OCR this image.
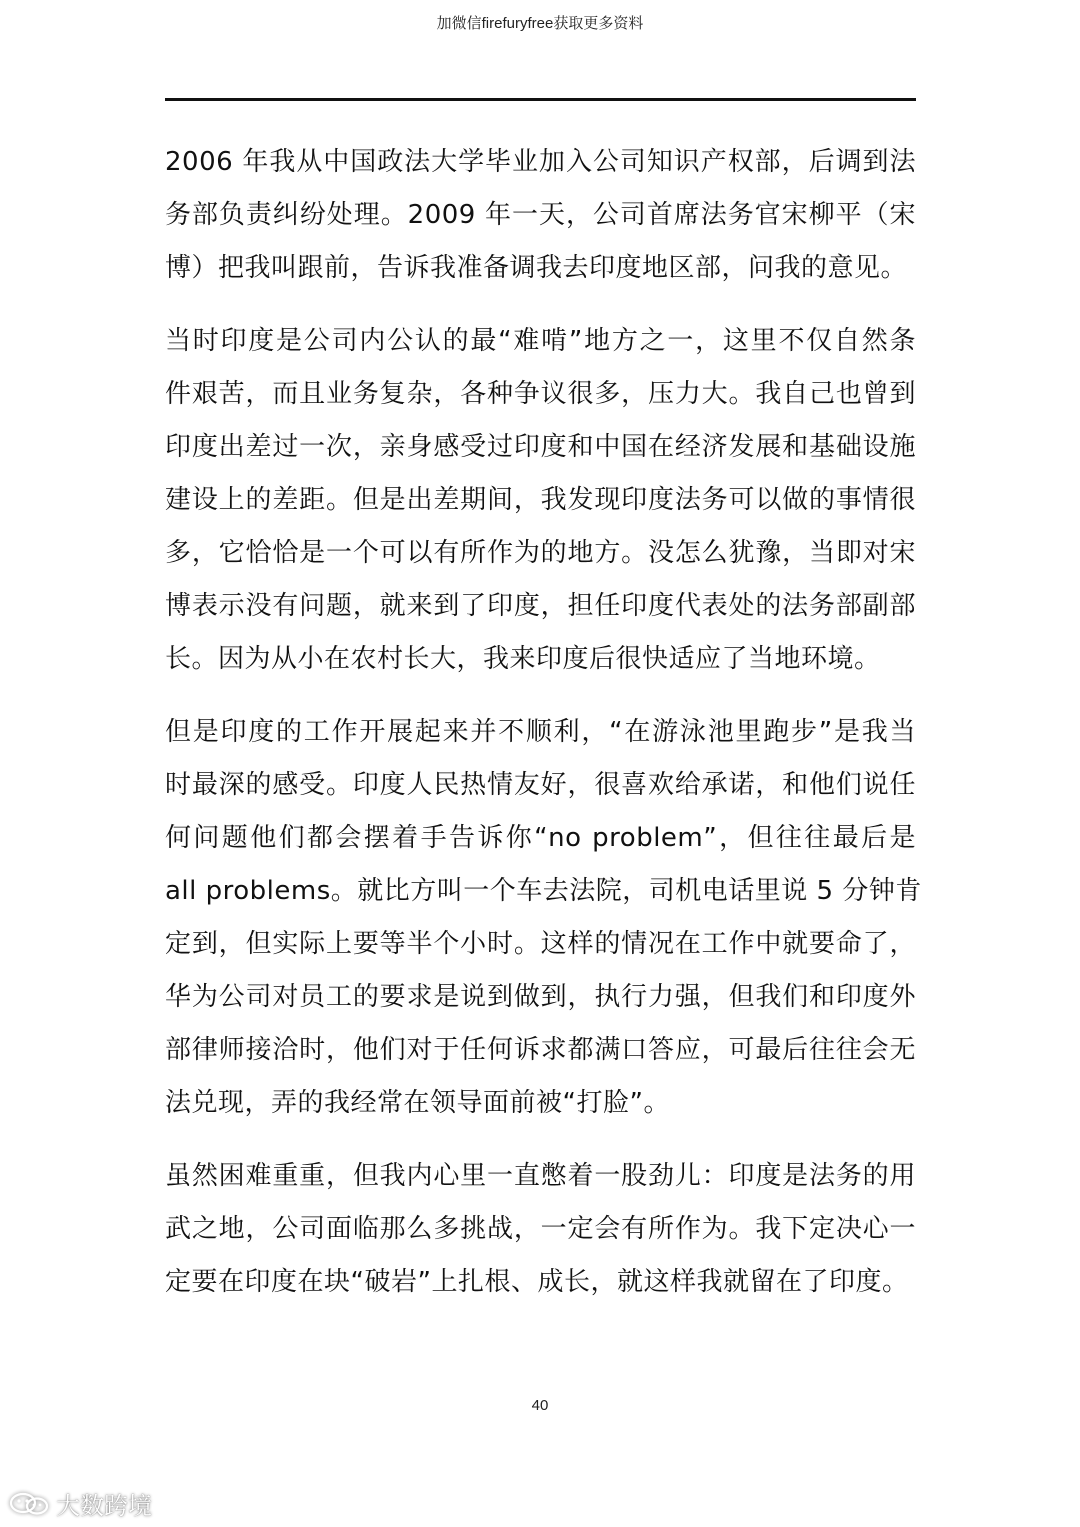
加微信firefuryfree获取更多资料
2006 年我从中国政法大学毕业加入公司知识产权部，后调到法
务部负责纠纷处理。2009 年一天，公司首席法务官宋柳平（宋
博）把我叫跟前，告诉我准备调我去印度地区部，问我的意见。
当时印度是公司内公认的最“难啃”地方之一，这里不仅自然条
件艰苦，而且业务复杂，各种争议很多，压力大。我自己也曾到
印度出差过一次，亲身感受过印度和中国在经济发展和基础设施
建设上的差距。但是出差期间，我发现印度法务可以做的事情很
多，它恰恰是一个可以有所作为的地方。没怎么犹豫，当即对宋
博表示没有问题，就来到了印度，担任印度代表处的法务部副部
长。因为从小在农村长大，我来印度后很快适应了当地环境。
但是印度的工作开展起来并不顺利，“在游泳池里跑步”是我当
时最深的感受。印度人民热情友好，很喜欢给承诺，和他们说任
何问题他们都会摆着手告诉你“no problem”，但往往最后是
all problems。就比方叫一个车去法院，司机电话里说 5 分钟肯
定到，但实际上要等半个小时。这样的情况在工作中就要命了，
华为公司对员工的要求是说到做到，执行力强，但我们和印度外
部律师接洽时，他们对于任何诉求都满口答应，可最后往往会无
法兑现，弄的我经常在领导面前被“打脸”。
虽然困难重重，但我内心里一直憋着一股劲儿：印度是法务的用
武之地，公司面临那么多挑战，一定会有所作为。我下定决心一
定要在印度在块“破岩”上扎根、成长，就这样我就留在了印度。
40
大数跨境
